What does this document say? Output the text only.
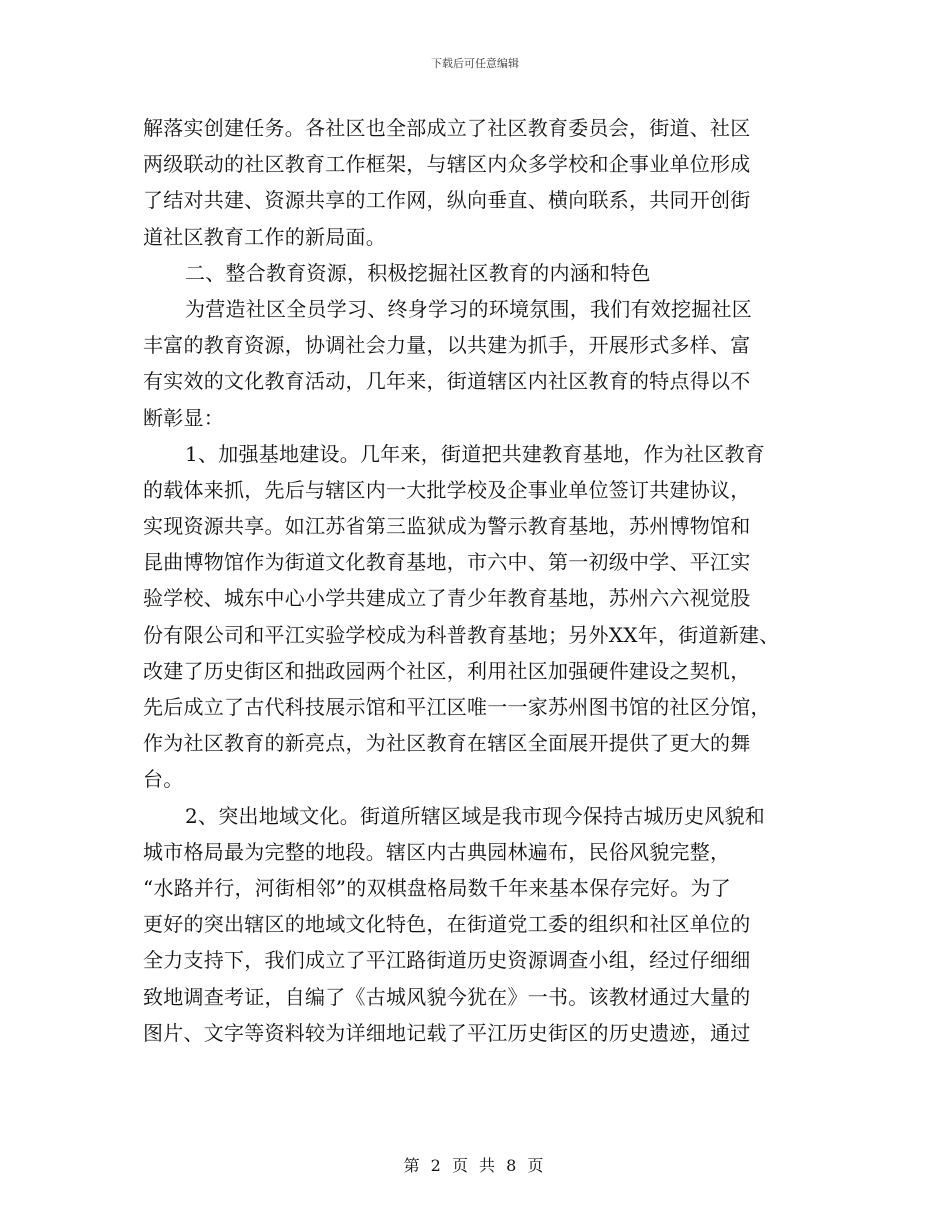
下载后可任意编辑
解落实创建任务。各社区也全部成立了社区教育委员会，街道、社区
两级联动的社区教育工作框架，与辖区内众多学校和企事业单位形成
了结对共建、资源共享的工作网，纵向垂直、横向联系，共同开创街
道社区教育工作的新局面。
二、整合教育资源，积极挖掘社区教育的内涵和特色
为营造社区全员学习、终身学习的环境氛围，我们有效挖掘社区
丰富的教育资源，协调社会力量，以共建为抓手，开展形式多样、富
有实效的文化教育活动，几年来，街道辖区内社区教育的特点得以不
断彰显：
1、加强基地建设。几年来，街道把共建教育基地，作为社区教育
的载体来抓，先后与辖区内一大批学校及企事业单位签订共建协议，
实现资源共享。如江苏省第三监狱成为警示教育基地，苏州博物馆和
昆曲博物馆作为街道文化教育基地，市六中、第一初级中学、平江实
验学校、城东中心小学共建成立了青少年教育基地，苏州六六视觉股
份有限公司和平江实验学校成为科普教育基地；另外XX年，街道新建、
改建了历史街区和拙政园两个社区，利用社区加强硬件建设之契机，
先后成立了古代科技展示馆和平江区唯一一家苏州图书馆的社区分馆，
作为社区教育的新亮点，为社区教育在辖区全面展开提供了更大的舞
台。
2、突出地域文化。街道所辖区域是我市现今保持古城历史风貌和
城市格局最为完整的地段。辖区内古典园林遍布，民俗风貌完整，
“水路并行，河街相邻”的双棋盘格局数千年来基本保存完好。为了
更好的突出辖区的地域文化特色，在街道党工委的组织和社区单位的
全力支持下，我们成立了平江路街道历史资源调查小组，经过仔细细
致地调查考证，自编了《古城风貌今犹在》一书。该教材通过大量的
图片、文字等资料较为详细地记载了平江历史街区的历史遗迹，通过
第 2 页 共 8 页
